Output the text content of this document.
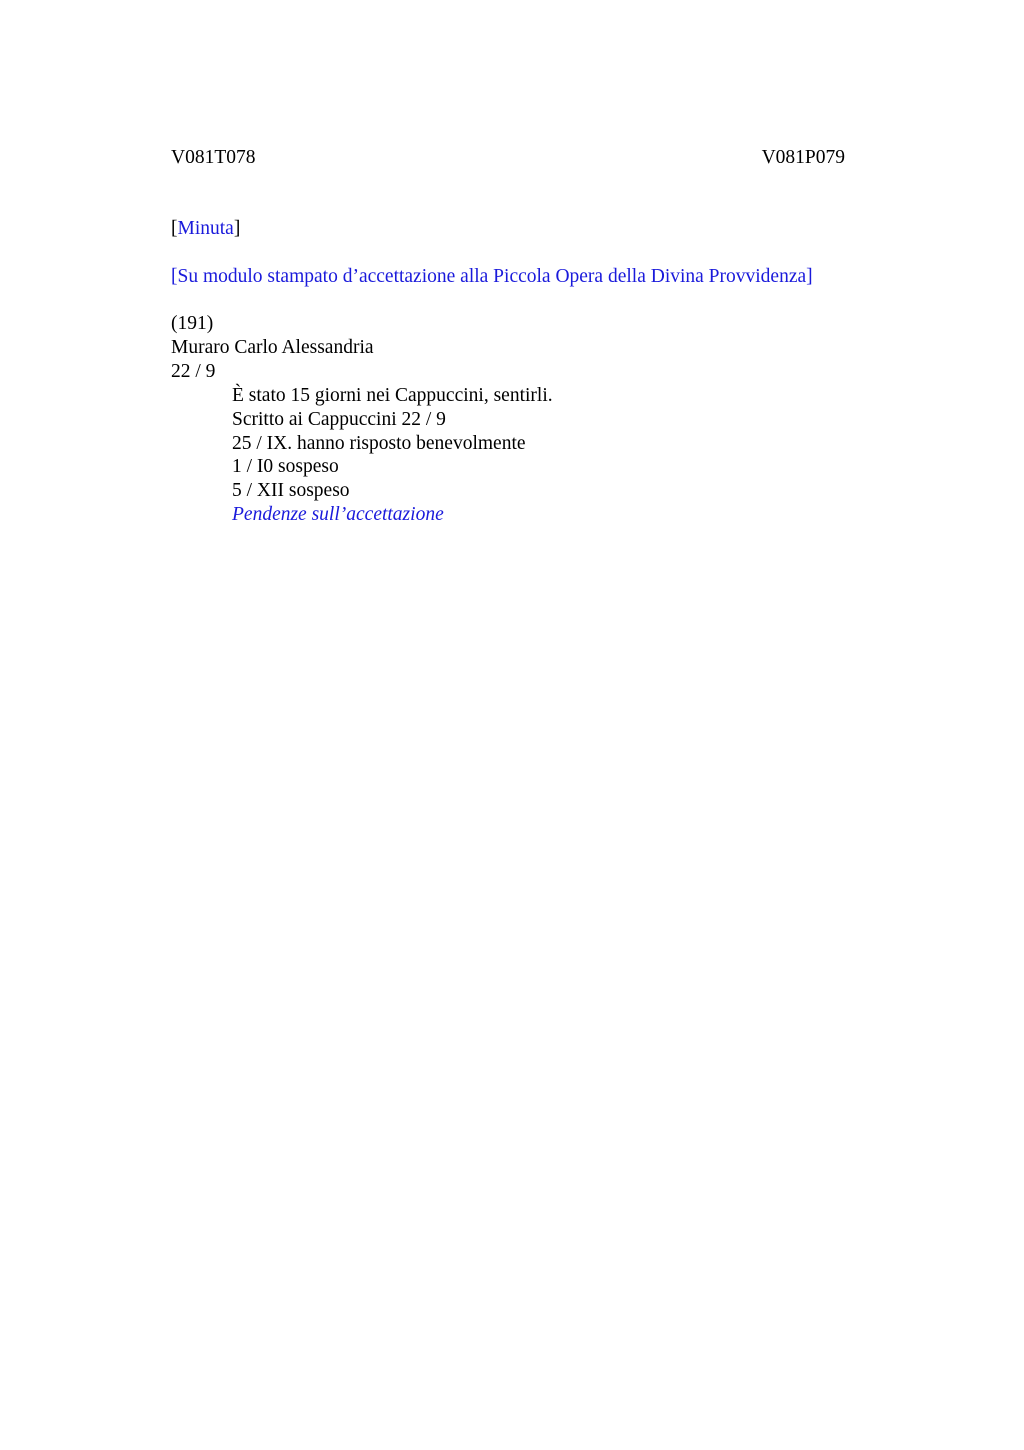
V081T078	V081P079
[Minuta]
[Su modulo stampato d’accettazione alla Piccola Opera della Divina Provvidenza]
(191)
Muraro Carlo Alessandria
22 / 9
È stato 15 giorni nei Cappuccini, sentirli.
Scritto ai Cappuccini 22 / 9
25 / IX. hanno risposto benevolmente
1 / I0 sospeso
5 / XII sospeso
Pendenze sull’accettazione
